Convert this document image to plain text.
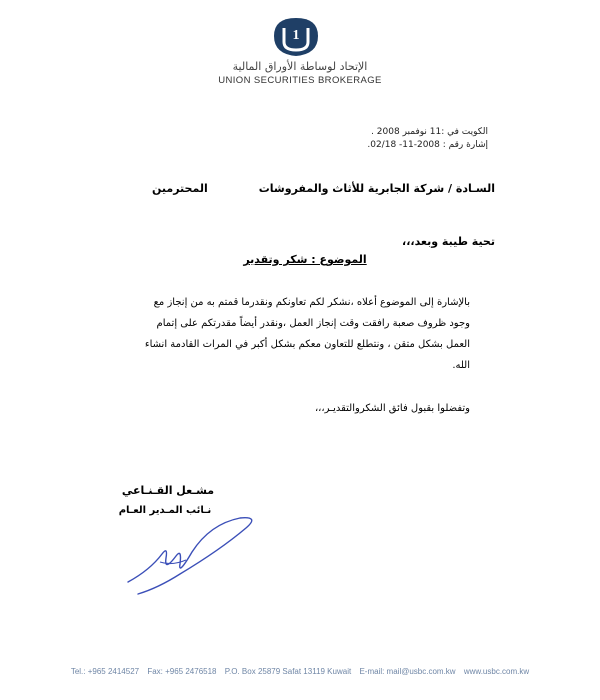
1
الإتحاد لوساطة الأوراق المالية
UNION SECURITIES BROKERAGE
الكويت في :11 نوفمبر 2008 .
إشارة رقم : 2008-11- 02/18.
السـادة / شركة الجابرية للأثاث والمفروشات
المحترمين
تحية طيبة وبعد،،،
الموضوع : شكر وتقدير
بالإشارة إلى الموضوع أعلاه ،نشكر لكم تعاونكم ونقدرما قمتم به من إنجاز مع
وجود ظروف صعبة رافقت وقت إنجاز العمل ،ونقدر أيضاً مقدرتكم على إتمام
العمل بشكل متقن ، ونتطلع للتعاون معكم بشكل أكبر في المرات القادمة انشاء الله.
وتفضلوا بقبول فائق الشكروالتقديـر،،،
مشـعل القـنـاعي
نـائب المـدير العـام
Tel.: +965 2414527 Fax: +965 2476518 P.O. Box 25879 Safat 13119 Kuwait E-mail: mail@usbc.com.kw www.usbc.com.kw
